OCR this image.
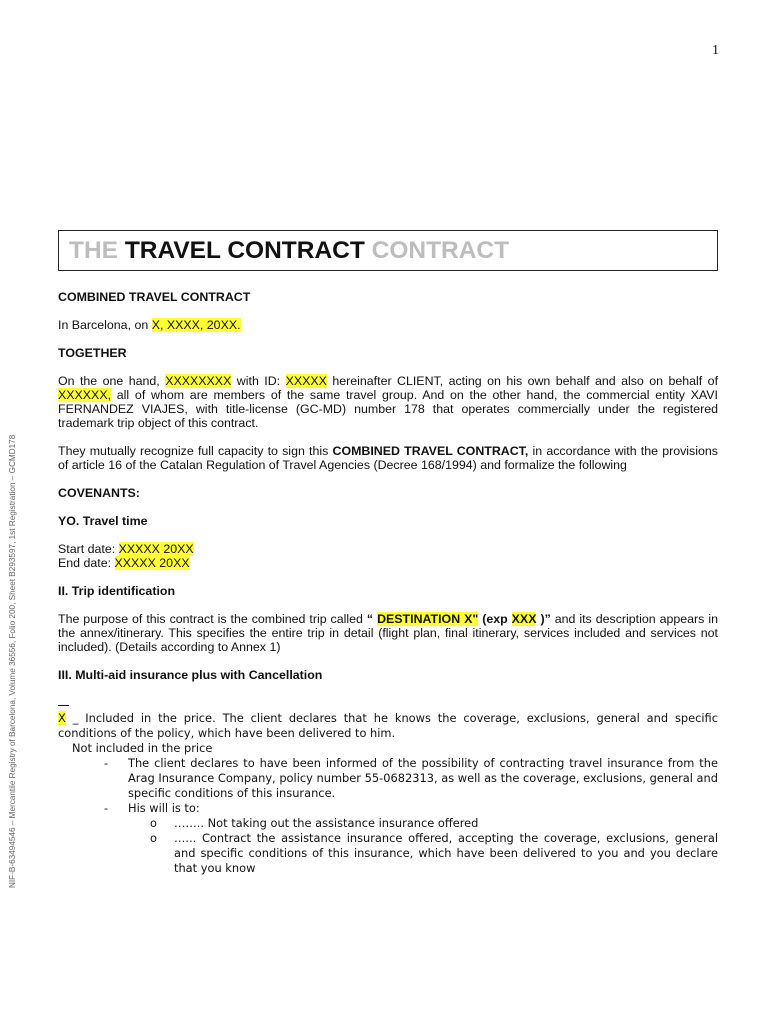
1
NIF-B-63494546 – Mercantile Registry of Barcelona, Volume 36556, Folio 200, Sheet B293597, 1st Registration – GCMD178
THE TRAVEL CONTRACT CONTRACT

COMBINED TRAVEL CONTRACT

In Barcelona, on X, XXXX, 20XX.

TOGETHER

On the one hand, XXXXXXXX with ID: XXXXX hereinafter CLIENT, acting on his own behalf and also on behalf of XXXXXX, all of whom are members of the same travel group. And on the other hand, the commercial entity XAVI FERNANDEZ VIAJES, with title-license (GC-MD) number 178 that operates commercially under the registered trademark trip object of this contract.

They mutually recognize full capacity to sign this COMBINED TRAVEL CONTRACT, in accordance with the provisions of article 16 of the Catalan Regulation of Travel Agencies (Decree 168/1994) and formalize the following

COVENANTS:

YO. Travel time

Start date: XXXXX 20XX

End date: XXXXX 20XX

II. Trip identification

The purpose of this contract is the combined trip called “ DESTINATION X" (exp XXX )” and its description appears in the annex/itinerary. This specifies the entire trip in detail (flight plan, final itinerary, services included and services not included). (Details according to Annex 1)

III. Multi-aid insurance plus with Cancellation

X _ Included in the price. The client declares that he knows the coverage, exclusions, general and specific conditions of the policy, which have been delivered to him.

Not included in the price

- The client declares to have been informed of the possibility of contracting travel insurance from the Arag Insurance Company, policy number 55-0682313, as well as the coverage, exclusions, general and specific conditions of this insurance.

- His will is to:

o …….. Not taking out the assistance insurance offered

o …... Contract the assistance insurance offered, accepting the coverage, exclusions, general and specific conditions of this insurance, which have been delivered to you and you declare that you know
